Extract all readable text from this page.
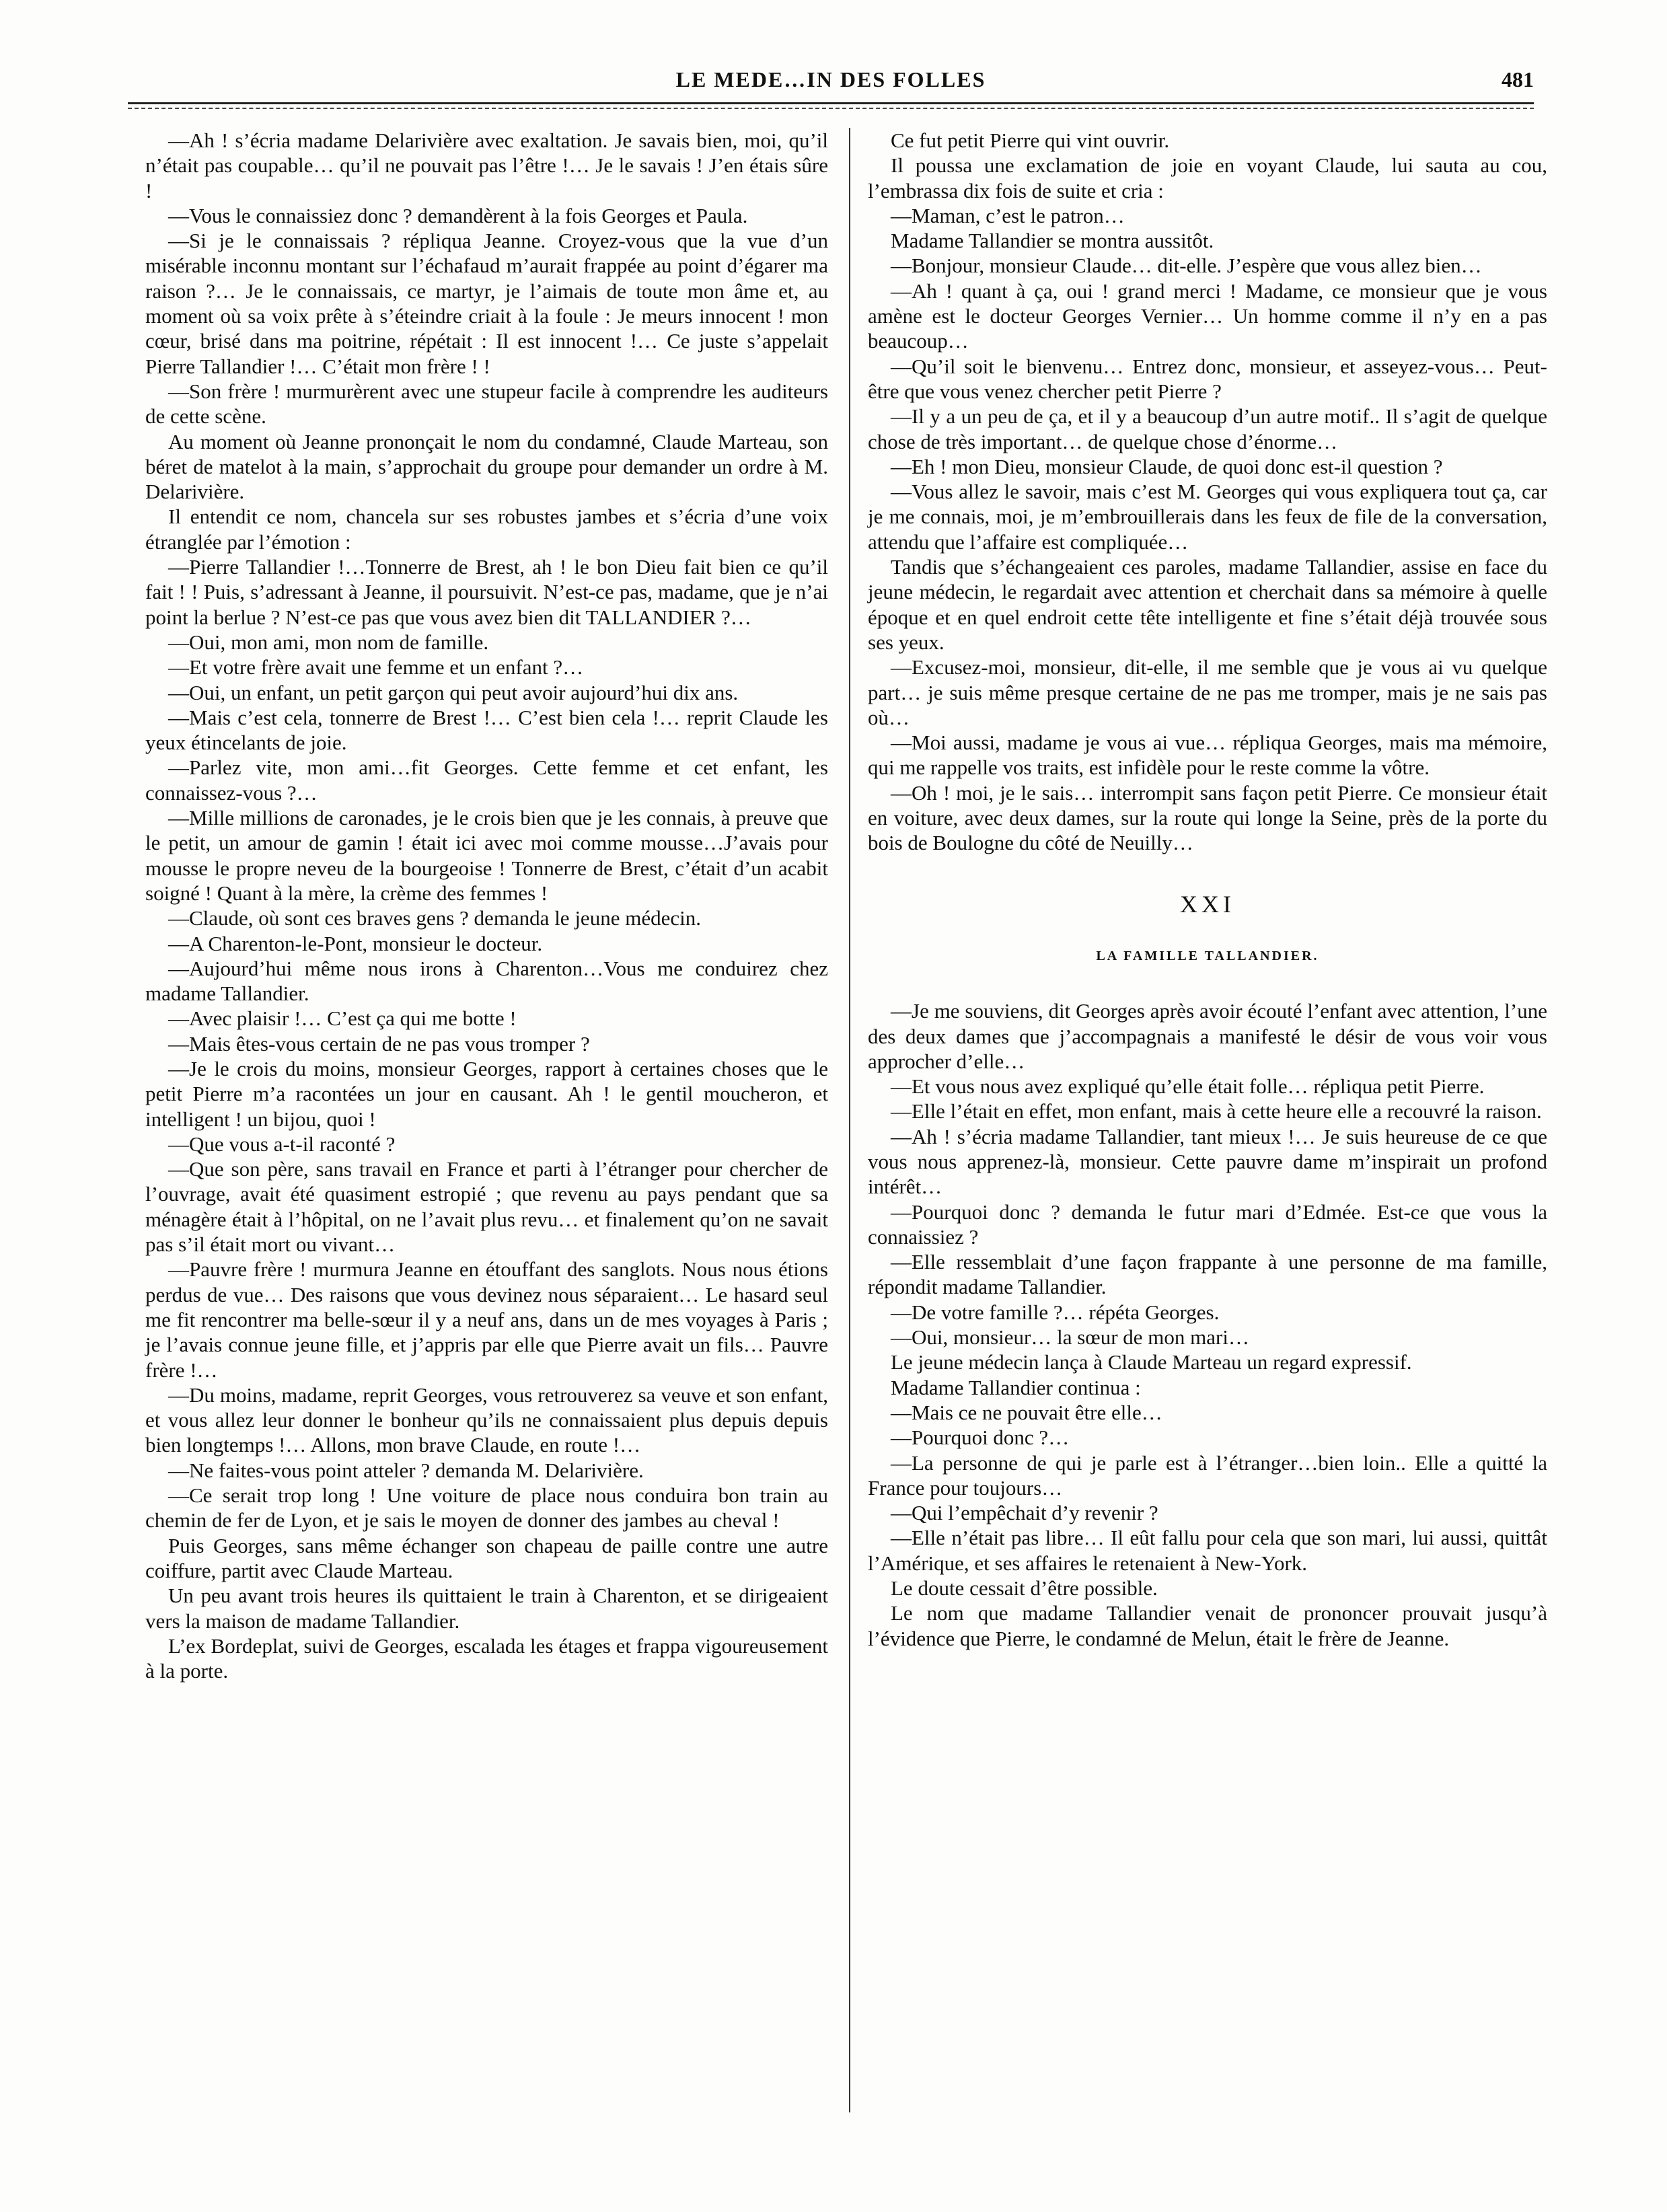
LE MEDE…IN DES FOLLES	481

—Ah ! s’écria madame Delarivière avec exaltation. Je savais bien, moi, qu’il n’était pas coupable… qu’il ne pouvait pas l’être !… Je le savais ! J’en étais sûre !

—Vous le connaissiez donc ? demandèrent à la fois Georges et Paula.

—Si je le connaissais ? répliqua Jeanne. Croyez-vous que la vue d’un misérable inconnu montant sur l’échafaud m’aurait frappée au point d’égarer ma raison ?… Je le connaissais, ce martyr, je l’aimais de toute mon âme et, au moment où sa voix prête à s’éteindre criait à la foule : Je meurs innocent ! mon cœur, brisé dans ma poitrine, répétait : Il est innocent !… Ce juste s’appelait Pierre Tallandier !… C’était mon frère ! !

—Son frère ! murmurèrent avec une stupeur facile à comprendre les auditeurs de cette scène.

Au moment où Jeanne prononçait le nom du condamné, Claude Marteau, son béret de matelot à la main, s’approchait du groupe pour demander un ordre à M. Delarivière.

Il entendit ce nom, chancela sur ses robustes jambes et s’écria d’une voix étranglée par l’émotion :

—Pierre Tallandier !…Tonnerre de Brest, ah ! le bon Dieu fait bien ce qu’il fait ! ! Puis, s’adressant à Jeanne, il poursuivit. N’est-ce pas, madame, que je n’ai point la berlue ? N’est-ce pas que vous avez bien dit TALLANDIER ?…

—Oui, mon ami, mon nom de famille.

—Et votre frère avait une femme et un enfant ?…

—Oui, un enfant, un petit garçon qui peut avoir aujourd’hui dix ans.

—Mais c’est cela, tonnerre de Brest !… C’est bien cela !… reprit Claude les yeux étincelants de joie.

—Parlez vite, mon ami…fit Georges. Cette femme et cet enfant, les connaissez-vous ?…

—Mille millions de caronades, je le crois bien que je les connais, à preuve que le petit, un amour de gamin ! était ici avec moi comme mousse…J’avais pour mousse le propre neveu de la bourgeoise ! Tonnerre de Brest, c’était d’un acabit soigné ! Quant à la mère, la crème des femmes !

—Claude, où sont ces braves gens ? demanda le jeune médecin.

—A Charenton-le-Pont, monsieur le docteur.

—Aujourd’hui même nous irons à Charenton…Vous me conduirez chez madame Tallandier.

—Avec plaisir !… C’est ça qui me botte !

—Mais êtes-vous certain de ne pas vous tromper ?

—Je le crois du moins, monsieur Georges, rapport à certaines choses que le petit Pierre m’a racontées un jour en causant. Ah ! le gentil moucheron, et intelligent ! un bijou, quoi !

—Que vous a-t-il raconté ?

—Que son père, sans travail en France et parti à l’étranger pour chercher de l’ouvrage, avait été quasiment estropié ; que revenu au pays pendant que sa ménagère était à l’hôpital, on ne l’avait plus revu… et finalement qu’on ne savait pas s’il était mort ou vivant…

—Pauvre frère ! murmura Jeanne en étouffant des sanglots. Nous nous étions perdus de vue… Des raisons que vous devinez nous séparaient… Le hasard seul me fit rencontrer ma belle-sœur il y a neuf ans, dans un de mes voyages à Paris ; je l’avais connue jeune fille, et j’appris par elle que Pierre avait un fils… Pauvre frère !…

—Du moins, madame, reprit Georges, vous retrouverez sa veuve et son enfant, et vous allez leur donner le bonheur qu’ils ne connaissaient plus depuis depuis bien longtemps !… Allons, mon brave Claude, en route !…

—Ne faites-vous point atteler ? demanda M. Delarivière.

—Ce serait trop long ! Une voiture de place nous conduira bon train au chemin de fer de Lyon, et je sais le moyen de donner des jambes au cheval !

Puis Georges, sans même échanger son chapeau de paille contre une autre coiffure, partit avec Claude Marteau.

Un peu avant trois heures ils quittaient le train à Charenton, et se dirigeaient vers la maison de madame Tallandier.

L’ex Bordeplat, suivi de Georges, escalada les étages et frappa vigoureusement à la porte.

Ce fut petit Pierre qui vint ouvrir.

Il poussa une exclamation de joie en voyant Claude, lui sauta au cou, l’embrassa dix fois de suite et cria :

—Maman, c’est le patron…

Madame Tallandier se montra aussitôt.

—Bonjour, monsieur Claude… dit-elle. J’espère que vous allez bien…

—Ah ! quant à ça, oui ! grand merci ! Madame, ce monsieur que je vous amène est le docteur Georges Vernier… Un homme comme il n’y en a pas beaucoup…

—Qu’il soit le bienvenu… Entrez donc, monsieur, et asseyez-vous… Peut-être que vous venez chercher petit Pierre ?

—Il y a un peu de ça, et il y a beaucoup d’un autre motif.. Il s’agit de quelque chose de très important… de quelque chose d’énorme…

—Eh ! mon Dieu, monsieur Claude, de quoi donc est-il question ?

—Vous allez le savoir, mais c’est M. Georges qui vous expliquera tout ça, car je me connais, moi, je m’embrouillerais dans les feux de file de la conversation, attendu que l’affaire est compliquée…

Tandis que s’échangeaient ces paroles, madame Tallandier, assise en face du jeune médecin, le regardait avec attention et cherchait dans sa mémoire à quelle époque et en quel endroit cette tête intelligente et fine s’était déjà trouvée sous ses yeux.

—Excusez-moi, monsieur, dit-elle, il me semble que je vous ai vu quelque part… je suis même presque certaine de ne pas me tromper, mais je ne sais pas où…

—Moi aussi, madame je vous ai vue… répliqua Georges, mais ma mémoire, qui me rappelle vos traits, est infidèle pour le reste comme la vôtre.

—Oh ! moi, je le sais… interrompit sans façon petit Pierre. Ce monsieur était en voiture, avec deux dames, sur la route qui longe la Seine, près de la porte du bois de Boulogne du côté de Neuilly…

XXI
LA FAMILLE TALLANDIER.

—Je me souviens, dit Georges après avoir écouté l’enfant avec attention, l’une des deux dames que j’accompagnais a manifesté le désir de vous voir vous approcher d’elle…

—Et vous nous avez expliqué qu’elle était folle… répliqua petit Pierre.

—Elle l’était en effet, mon enfant, mais à cette heure elle a recouvré la raison.

—Ah ! s’écria madame Tallandier, tant mieux !… Je suis heureuse de ce que vous nous apprenez-là, monsieur. Cette pauvre dame m’inspirait un profond intérêt…

—Pourquoi donc ? demanda le futur mari d’Edmée. Est-ce que vous la connaissiez ?

—Elle ressemblait d’une façon frappante à une personne de ma famille, répondit madame Tallandier.

—De votre famille ?… répéta Georges.

—Oui, monsieur… la sœur de mon mari…

Le jeune médecin lança à Claude Marteau un regard expressif.

Madame Tallandier continua :

—Mais ce ne pouvait être elle…

—Pourquoi donc ?…

—La personne de qui je parle est à l’étranger…bien loin.. Elle a quitté la France pour toujours…

—Qui l’empêchait d’y revenir ?

—Elle n’était pas libre… Il eût fallu pour cela que son mari, lui aussi, quittât l’Amérique, et ses affaires le retenaient à New-York.

Le doute cessait d’être possible.

Le nom que madame Tallandier venait de prononcer prouvait jusqu’à l’évidence que Pierre, le condamné de Melun, était le frère de Jeanne.
